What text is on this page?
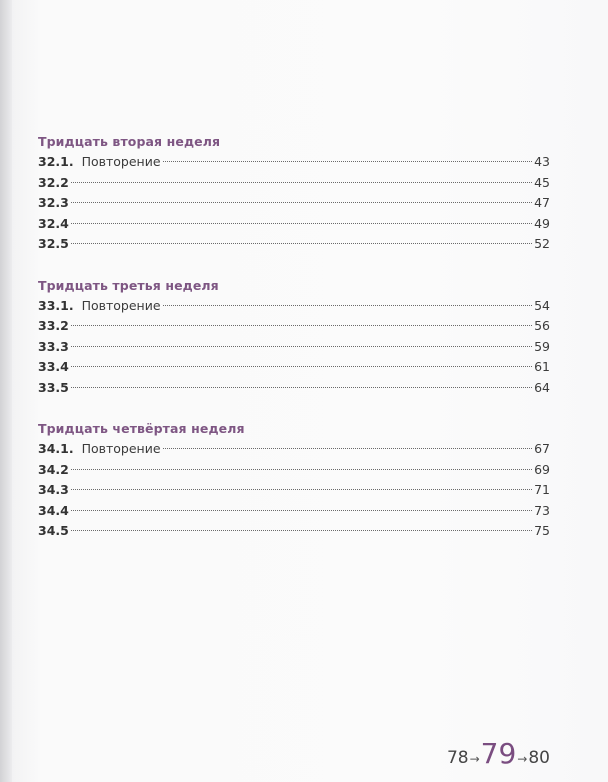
Тридцать вторая неделя
32.1. Повторение	43
32.2	45
32.3	47
32.4	49
32.5	52
Тридцать третья неделя
33.1. Повторение	54
33.2	56
33.3	59
33.4	61
33.5	64
Тридцать четвёртая неделя
34.1. Повторение	67
34.2	69
34.3	71
34.4	73
34.5	75
78 → 79 → 80
